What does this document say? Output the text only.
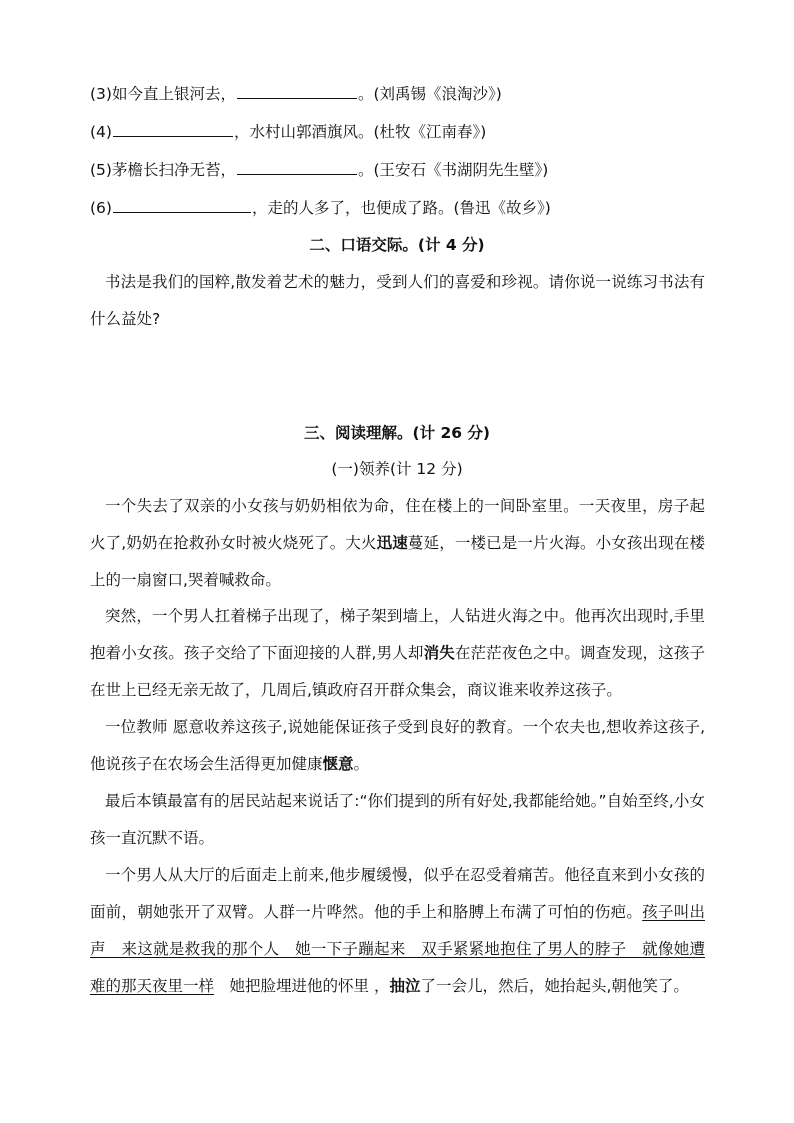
(3)如今直上银河去，	。(刘禹锡《浪淘沙》)
(4)	，水村山郭酒旗风。(杜牧《江南春》)
(5)茅檐长扫净无苔，	。(王安石《书湖阴先生壁》)
(6)	，走的人多了，也便成了路。(鲁迅《故乡》)
二、口语交际。(计 4 分)
书法是我们的国粹,散发着艺术的魅力，受到人们的喜爱和珍视。请你说一说练习书法有什么益处?
三、阅读理解。(计 26 分)
(一)领养(计 12 分)
一个失去了双亲的小女孩与奶奶相依为命，住在楼上的一间卧室里。一天夜里，房子起火了,奶奶在抢救孙女时被火烧死了。大火迅速蔓延，一楼已是一片火海。小女孩出现在楼上的一扇窗口,哭着喊救命。
突然，一个男人扛着梯子出现了，梯子架到墙上，人钻进火海之中。他再次出现时,手里抱着小女孩。孩子交给了下面迎接的人群,男人却消失在茫茫夜色之中。调查发现，这孩子在世上已经无亲无故了，几周后,镇政府召开群众集会，商议谁来收养这孩子。
一位教师 愿意收养这孩子,说她能保证孩子受到良好的教育。一个农夫也,想收养这孩子,他说孩子在农场会生活得更加健康惬意。
最后本镇最富有的居民站起来说话了:“你们提到的所有好处,我都能给她。”自始至终,小女孩一直沉默不语。
一个男人从大厅的后面走上前来,他步履缓慢，似乎在忍受着痛苦。他径直来到小女孩的面前，朝她张开了双臂。人群一片哗然。他的手上和胳膊上布满了可怕的伤疤。孩子叫出声　来这就是救我的那个人　她一下子蹦起来　双手紧紧地抱住了男人的脖子　就像她遭难的那天夜里一样　她把脸埋进他的怀里 ，抽泣了一会儿，然后，她抬起头,朝他笑了。
